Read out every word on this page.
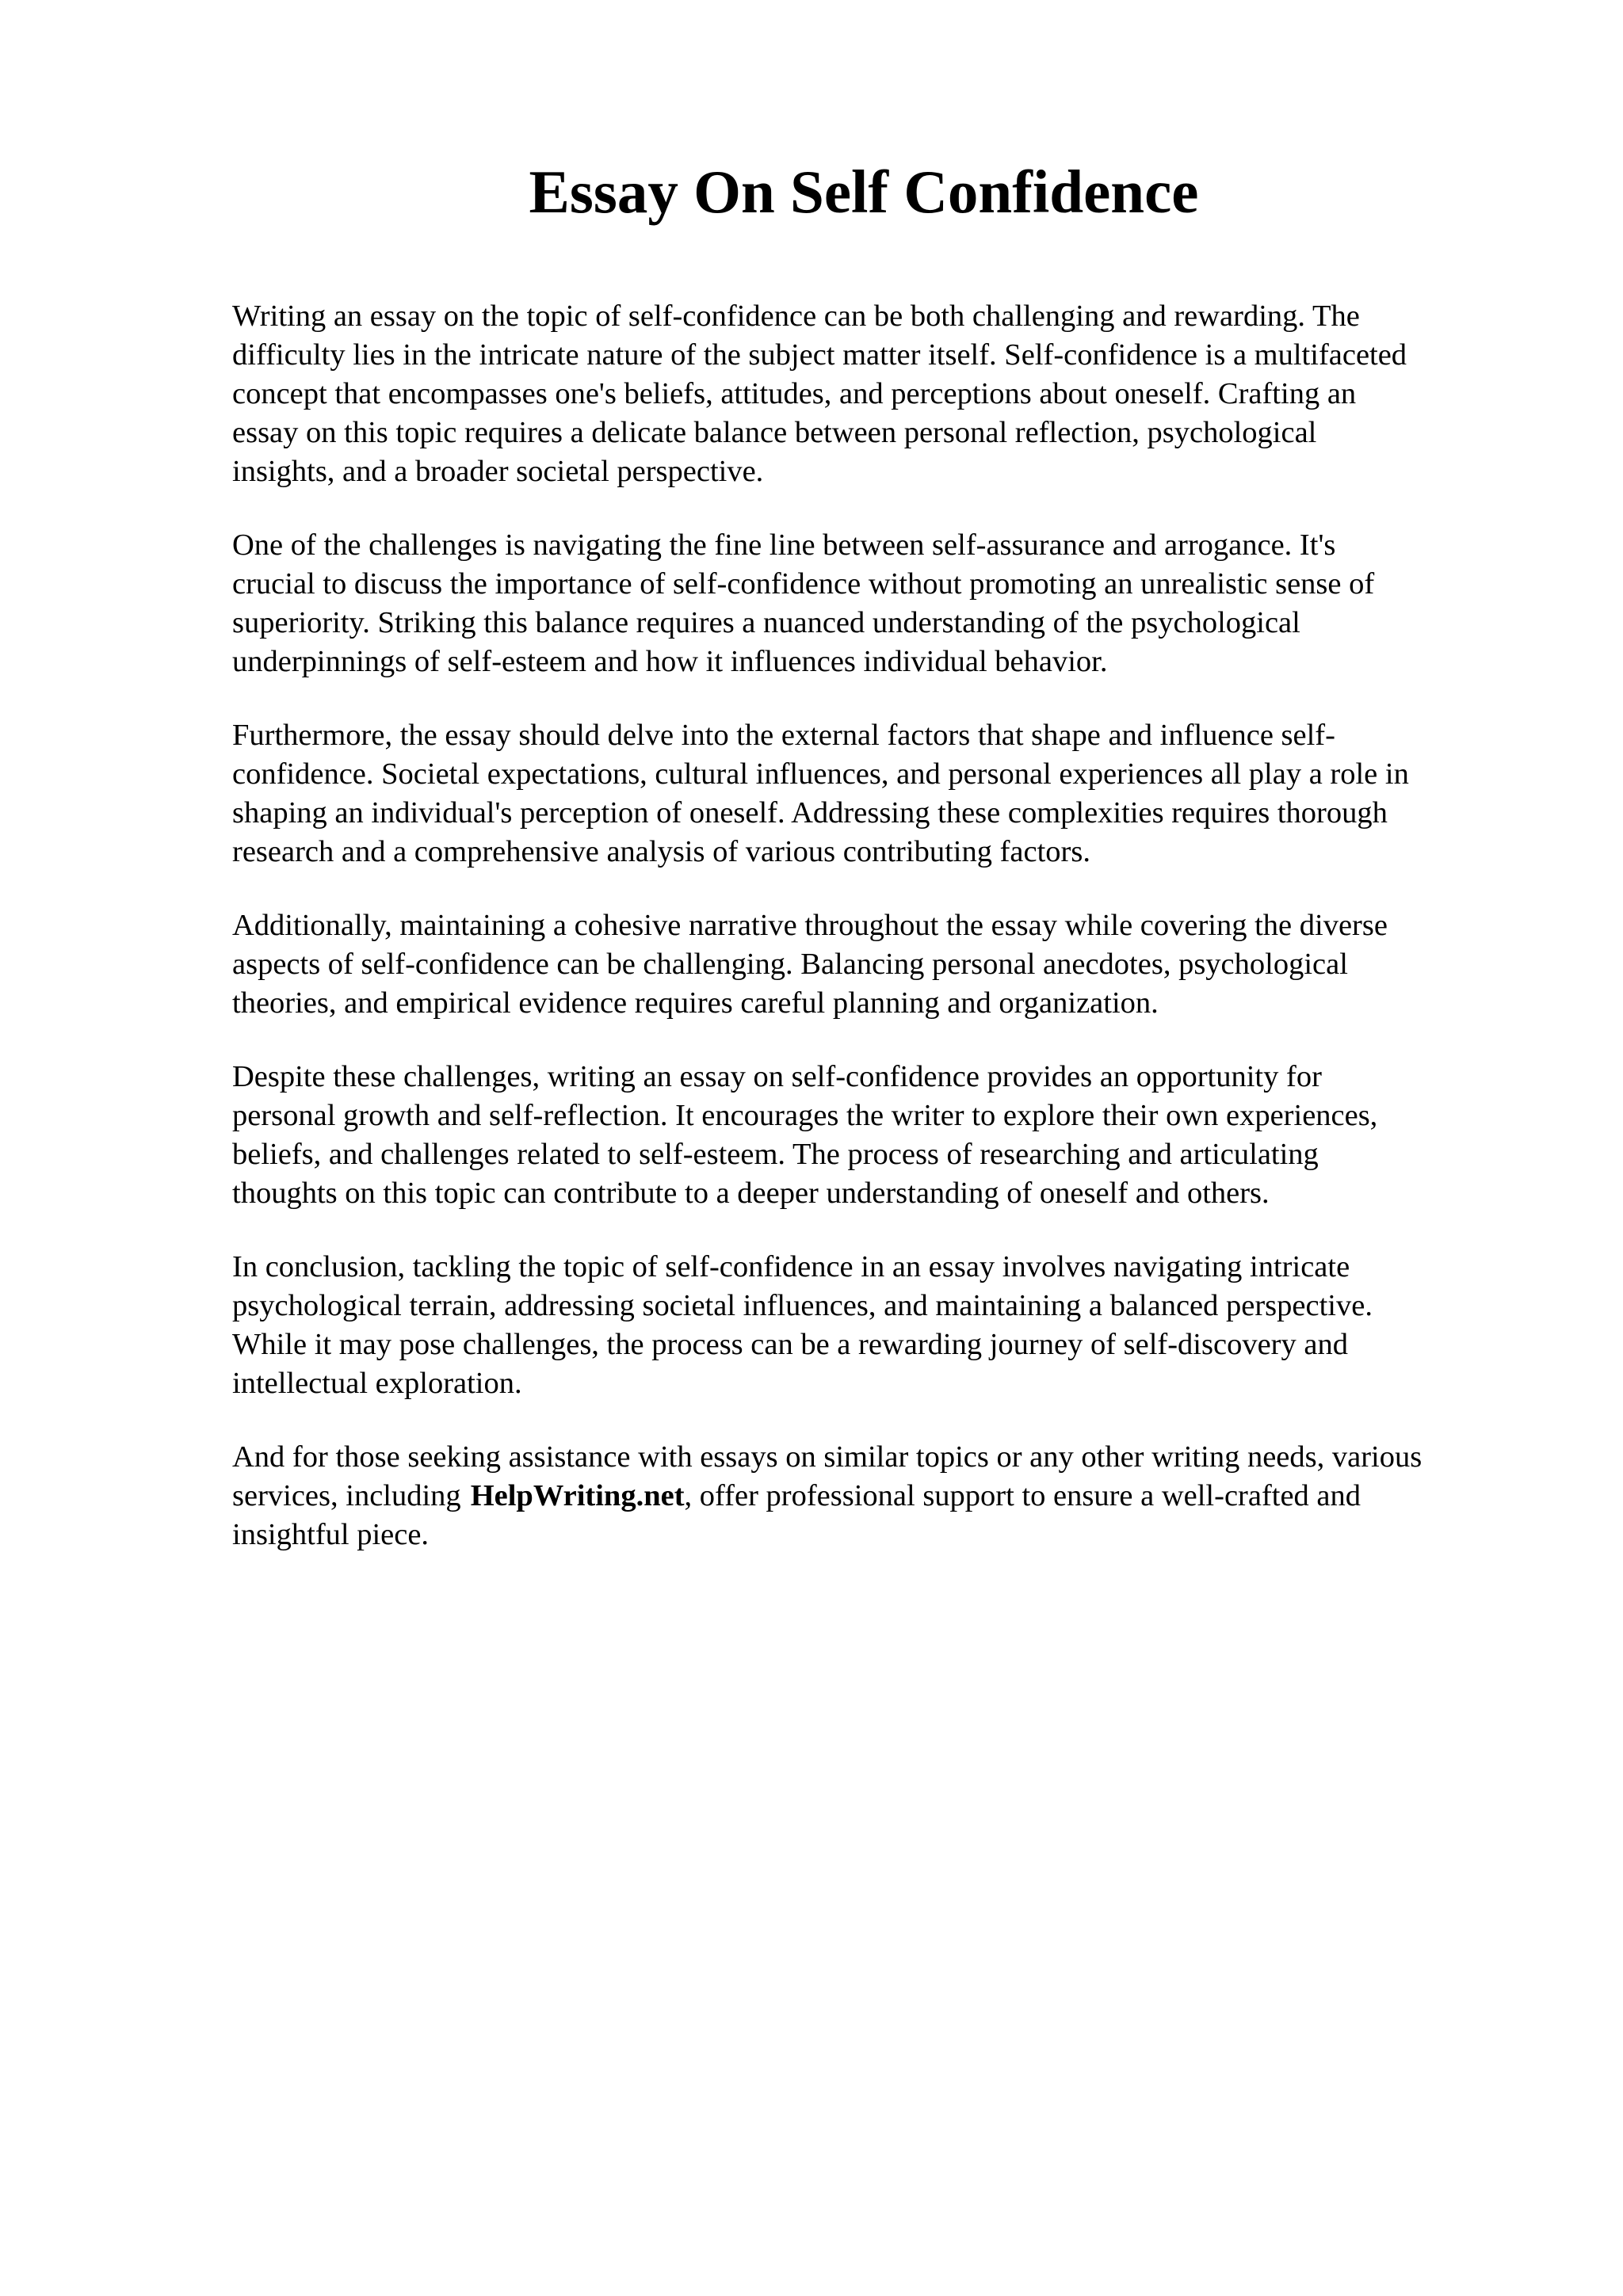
Essay On Self Confidence

Writing an essay on the topic of self-confidence can be both challenging and rewarding. The
difficulty lies in the intricate nature of the subject matter itself. Self-confidence is a multifaceted
concept that encompasses one's beliefs, attitudes, and perceptions about oneself. Crafting an
essay on this topic requires a delicate balance between personal reflection, psychological
insights, and a broader societal perspective.

One of the challenges is navigating the fine line between self-assurance and arrogance. It's
crucial to discuss the importance of self-confidence without promoting an unrealistic sense of
superiority. Striking this balance requires a nuanced understanding of the psychological
underpinnings of self-esteem and how it influences individual behavior.

Furthermore, the essay should delve into the external factors that shape and influence self-
confidence. Societal expectations, cultural influences, and personal experiences all play a role in
shaping an individual's perception of oneself. Addressing these complexities requires thorough
research and a comprehensive analysis of various contributing factors.

Additionally, maintaining a cohesive narrative throughout the essay while covering the diverse
aspects of self-confidence can be challenging. Balancing personal anecdotes, psychological
theories, and empirical evidence requires careful planning and organization.

Despite these challenges, writing an essay on self-confidence provides an opportunity for
personal growth and self-reflection. It encourages the writer to explore their own experiences,
beliefs, and challenges related to self-esteem. The process of researching and articulating
thoughts on this topic can contribute to a deeper understanding of oneself and others.

In conclusion, tackling the topic of self-confidence in an essay involves navigating intricate
psychological terrain, addressing societal influences, and maintaining a balanced perspective.
While it may pose challenges, the process can be a rewarding journey of self-discovery and
intellectual exploration.

And for those seeking assistance with essays on similar topics or any other writing needs, various
services, including HelpWriting.net, offer professional support to ensure a well-crafted and
insightful piece.
